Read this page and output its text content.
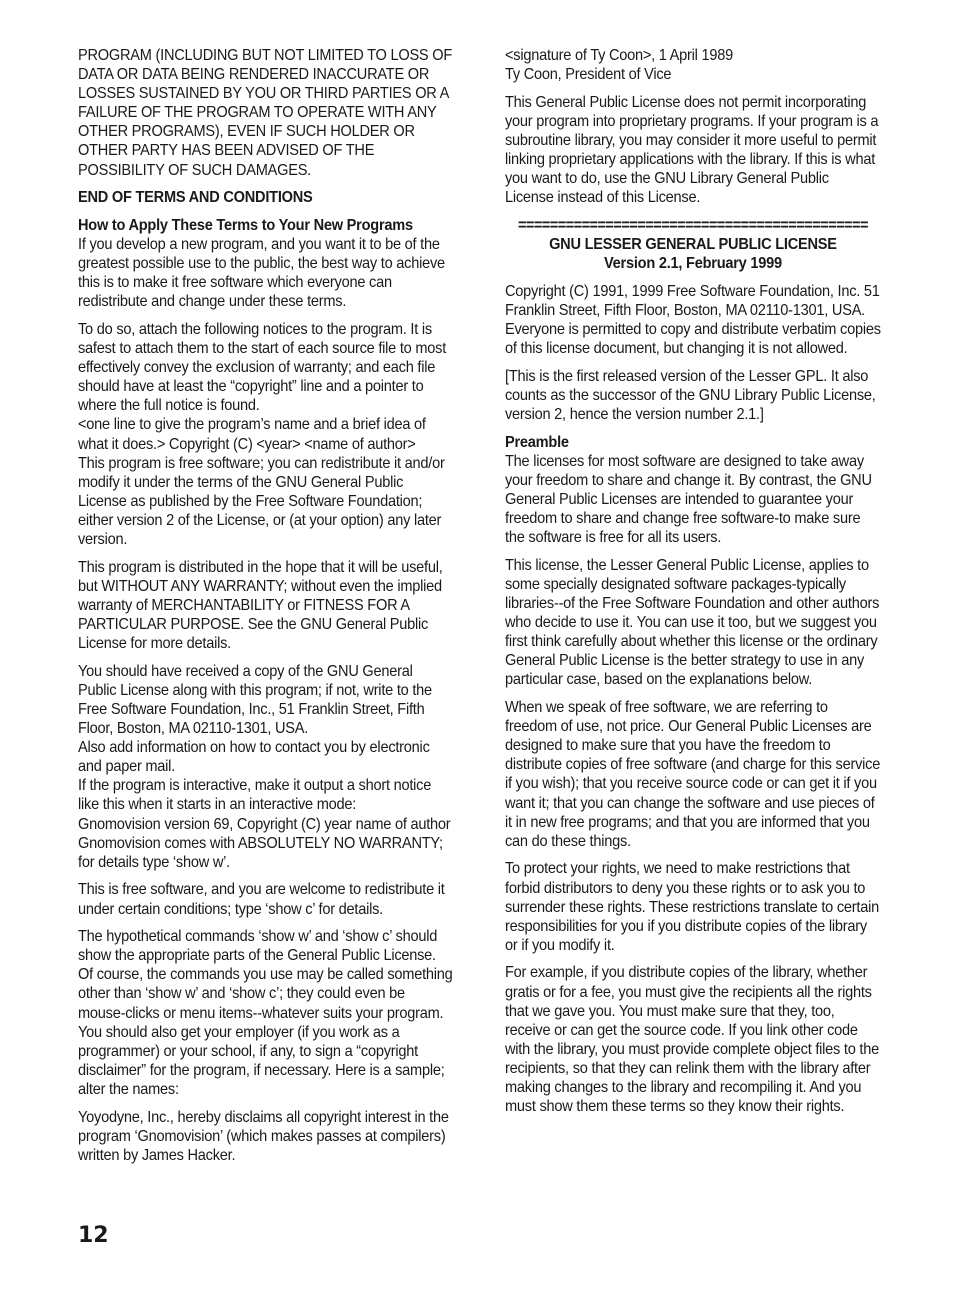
PROGRAM (INCLUDING BUT NOT LIMITED TO LOSS OF DATA OR DATA BEING RENDERED INACCURATE OR LOSSES SUSTAINED BY YOU OR THIRD PARTIES OR A FAILURE OF THE PROGRAM TO OPERATE WITH ANY OTHER PROGRAMS), EVEN IF SUCH HOLDER OR OTHER PARTY HAS BEEN ADVISED OF THE POSSIBILITY OF SUCH DAMAGES.

END OF TERMS AND CONDITIONS

How to Apply These Terms to Your New Programs
If you develop a new program, and you want it to be of the greatest possible use to the public, the best way to achieve this is to make it free software which everyone can redistribute and change under these terms.
To do so, attach the following notices to the program. It is safest to attach them to the start of each source file to most effectively convey the exclusion of warranty; and each file should have at least the “copyright” line and a pointer to where the full notice is found.
<one line to give the program’s name and a brief idea of what it does.> Copyright (C) <year> <name of author>
This program is free software; you can redistribute it and/or modify it under the terms of the GNU General Public License as published by the Free Software Foundation; either version 2 of the License, or (at your option) any later version.

This program is distributed in the hope that it will be useful, but WITHOUT ANY WARRANTY; without even the implied warranty of MERCHANTABILITY or FITNESS FOR A PARTICULAR PURPOSE. See the GNU General Public License for more details.

You should have received a copy of the GNU General Public License along with this program; if not, write to the Free Software Foundation, Inc., 51 Franklin Street, Fifth Floor, Boston, MA 02110-1301, USA.
Also add information on how to contact you by electronic and paper mail.
If the program is interactive, make it output a short notice like this when it starts in an interactive mode:
Gnomovision version 69, Copyright (C) year name of author Gnomovision comes with ABSOLUTELY NO WARRANTY; for details type ‘show w’.

This is free software, and you are welcome to redistribute it under certain conditions; type ‘show c’ for details.

The hypothetical commands ‘show w’ and ‘show c’ should show the appropriate parts of the General Public License. Of course, the commands you use may be called something other than ‘show w’ and ‘show c’; they could even be mouse-clicks or menu items--whatever suits your program.
You should also get your employer (if you work as a programmer) or your school, if any, to sign a “copyright disclaimer” for the program, if necessary. Here is a sample; alter the names:

Yoyodyne, Inc., hereby disclaims all copyright interest in the program ‘Gnomovision’ (which makes passes at compilers) written by James Hacker.

<signature of Ty Coon>, 1 April 1989
Ty Coon, President of Vice

This General Public License does not permit incorporating your program into proprietary programs. If your program is a subroutine library, you may consider it more useful to permit linking proprietary applications with the library. If this is what you want to do, use the GNU Library General Public License instead of this License.

============================================
GNU LESSER GENERAL PUBLIC LICENSE
Version 2.1, February 1999

Copyright (C) 1991, 1999 Free Software Foundation, Inc. 51 Franklin Street, Fifth Floor, Boston, MA 02110-1301, USA. Everyone is permitted to copy and distribute verbatim copies of this license document, but changing it is not allowed.

[This is the first released version of the Lesser GPL. It also counts as the successor of the GNU Library Public License, version 2, hence the version number 2.1.]

Preamble
The licenses for most software are designed to take away your freedom to share and change it. By contrast, the GNU General Public Licenses are intended to guarantee your freedom to share and change free software-to make sure the software is free for all its users.

This license, the Lesser General Public License, applies to some specially designated software packages-typically libraries--of the Free Software Foundation and other authors who decide to use it. You can use it too, but we suggest you first think carefully about whether this license or the ordinary General Public License is the better strategy to use in any particular case, based on the explanations below.

When we speak of free software, we are referring to freedom of use, not price. Our General Public Licenses are designed to make sure that you have the freedom to distribute copies of free software (and charge for this service if you wish); that you receive source code or can get it if you want it; that you can change the software and use pieces of it in new free programs; and that you are informed that you can do these things.

To protect your rights, we need to make restrictions that forbid distributors to deny you these rights or to ask you to surrender these rights. These restrictions translate to certain responsibilities for you if you distribute copies of the library or if you modify it.

For example, if you distribute copies of the library, whether gratis or for a fee, you must give the recipients all the rights that we gave you. You must make sure that they, too, receive or can get the source code. If you link other code with the library, you must provide complete object files to the recipients, so that they can relink them with the library after making changes to the library and recompiling it. And you must show them these terms so they know their rights.

12
